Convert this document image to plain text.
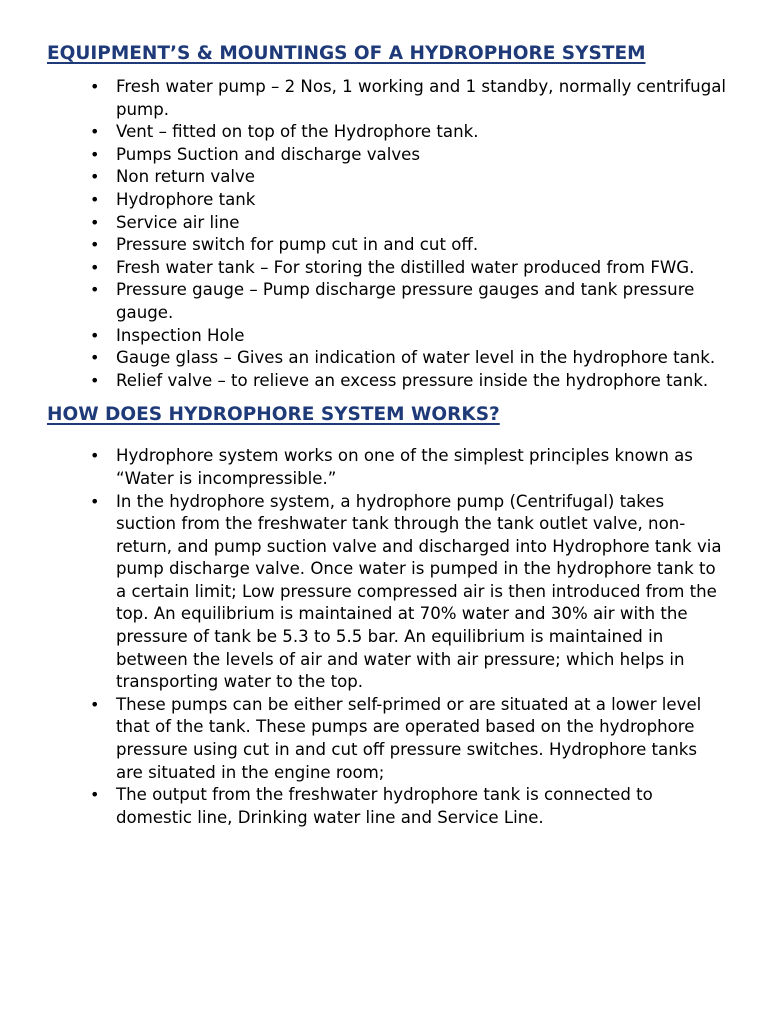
EQUIPMENT’S & MOUNTINGS OF A HYDROPHORE SYSTEM
• Fresh water pump – 2 Nos, 1 working and 1 standby, normally centrifugal pump.
• Vent – fitted on top of the Hydrophore tank.
• Pumps Suction and discharge valves
• Non return valve
• Hydrophore tank
• Service air line
• Pressure switch for pump cut in and cut off.
• Fresh water tank – For storing the distilled water produced from FWG.
• Pressure gauge – Pump discharge pressure gauges and tank pressure gauge.
• Inspection Hole
• Gauge glass – Gives an indication of water level in the hydrophore tank.
• Relief valve – to relieve an excess pressure inside the hydrophore tank.
HOW DOES HYDROPHORE SYSTEM WORKS?
• Hydrophore system works on one of the simplest principles known as “Water is incompressible.”
• In the hydrophore system, a hydrophore pump (Centrifugal) takes suction from the freshwater tank through the tank outlet valve, non-return, and pump suction valve and discharged into Hydrophore tank via pump discharge valve. Once water is pumped in the hydrophore tank to a certain limit; Low pressure compressed air is then introduced from the top. An equilibrium is maintained at 70% water and 30% air with the pressure of tank be 5.3 to 5.5 bar. An equilibrium is maintained in between the levels of air and water with air pressure; which helps in transporting water to the top.
• These pumps can be either self-primed or are situated at a lower level that of the tank. These pumps are operated based on the hydrophore pressure using cut in and cut off pressure switches. Hydrophore tanks are situated in the engine room;
• The output from the freshwater hydrophore tank is connected to domestic line, Drinking water line and Service Line.
